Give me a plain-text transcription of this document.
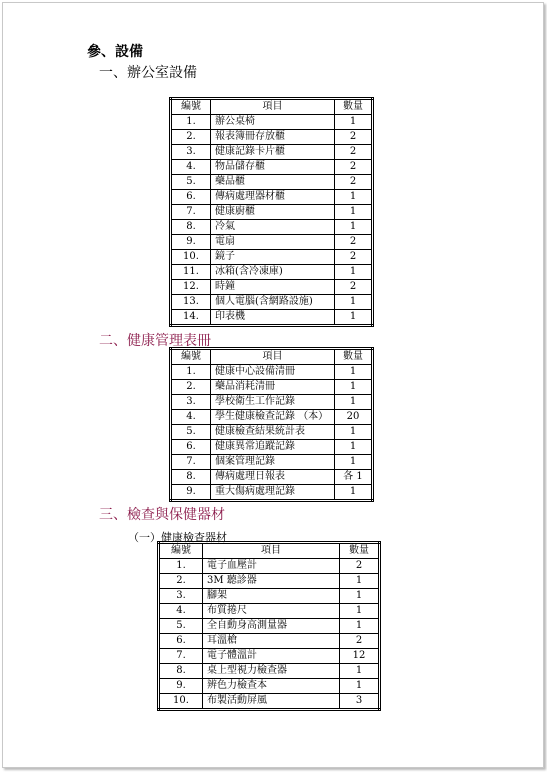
參、設備
一、辦公室設備
編號	項目	數量
1.	辦公桌椅	1
2.	報表簿冊存放櫃	2
3.	健康記錄卡片櫃	2
4.	物品儲存櫃	2
5.	藥品櫃	2
6.	傳病處理器材櫃	1
7.	健康廚櫃	1
8.	冷氣	1
9.	電扇	2
10.	鏡子	2
11.	冰箱(含冷凍庫)	1
12.	時鐘	2
13.	個人電腦(含網路設施)	1
14.	印表機	1
二、健康管理表冊
編號	項目	數量
1.	健康中心設備清冊	1
2.	藥品消耗清冊	1
3.	學校衛生工作記錄	1
4.	學生健康檢查記錄 （本）	20
5.	健康檢查結果統計表	1
6.	健康異常追蹤記錄	1
7.	個案管理記錄	1
8.	傳病處理日報表	各 1
9.	重大傷病處理記錄	1
三、檢查與保健器材
（一）健康檢查器材
編號	項目	數量
1.	電子血壓計	2
2.	3M 聽診器	1
3.	腳架	1
4.	布質捲尺	1
5.	全自動身高測量器	1
6.	耳溫槍	2
7.	電子體溫計	12
8.	桌上型視力檢查器	1
9.	辨色力檢查本	1
10.	布製活動屏風	3
